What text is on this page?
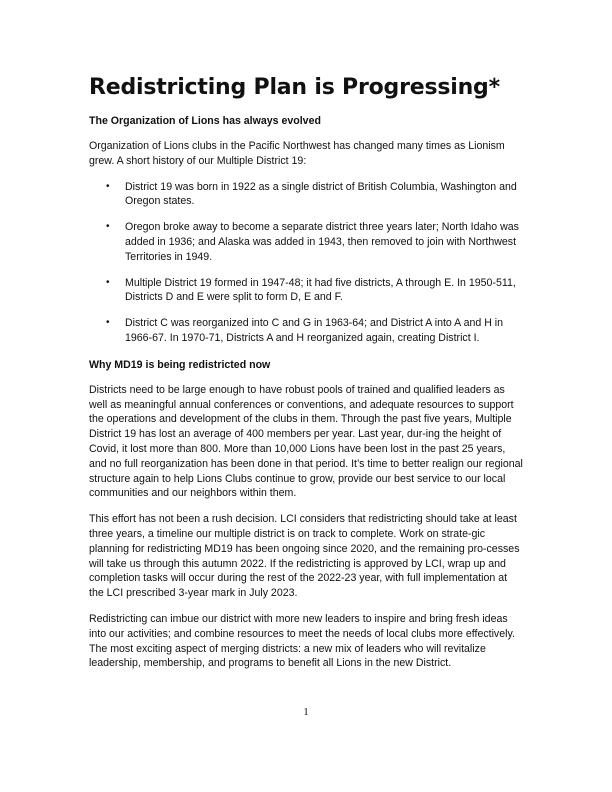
Redistricting Plan is Progressing*
The Organization of Lions has always evolved

Organization of Lions clubs in the Pacific Northwest has changed many times as Lionism grew. A short history of our Multiple District 19:

• District 19 was born in 1922 as a single district of British Columbia, Washington and Oregon states.
• Oregon broke away to become a separate district three years later; North Idaho was added in 1936; and Alaska was added in 1943, then removed to join with Northwest Territories in 1949.
• Multiple District 19 formed in 1947-48; it had five districts, A through E. In 1950-511, Districts D and E were split to form D, E and F.
• District C was reorganized into C and G in 1963-64; and District A into A and H in 1966-67. In 1970-71, Districts A and H reorganized again, creating District I.
Why MD19 is being redistricted now

Districts need to be large enough to have robust pools of trained and qualified leaders as well as meaningful annual conferences or conventions, and adequate resources to support the operations and development of the clubs in them. Through the past five years, Multiple District 19 has lost an average of 400 members per year. Last year, dur-ing the height of Covid, it lost more than 800. More than 10,000 Lions have been lost in the past 25 years, and no full reorganization has been done in that period. It’s time to better realign our regional structure again to help Lions Clubs continue to grow, provide our best service to our local communities and our neighbors within them.

This effort has not been a rush decision. LCI considers that redistricting should take at least three years, a timeline our multiple district is on track to complete. Work on strate-gic planning for redistricting MD19 has been ongoing since 2020, and the remaining pro-cesses will take us through this autumn 2022. If the redistricting is approved by LCI, wrap up and completion tasks will occur during the rest of the 2022-23 year, with full implementation at the LCI prescribed 3-year mark in July 2023.

Redistricting can imbue our district with more new leaders to inspire and bring fresh ideas into our activities; and combine resources to meet the needs of local clubs more effectively. The most exciting aspect of merging districts: a new mix of leaders who will revitalize leadership, membership, and programs to benefit all Lions in the new District.

1
